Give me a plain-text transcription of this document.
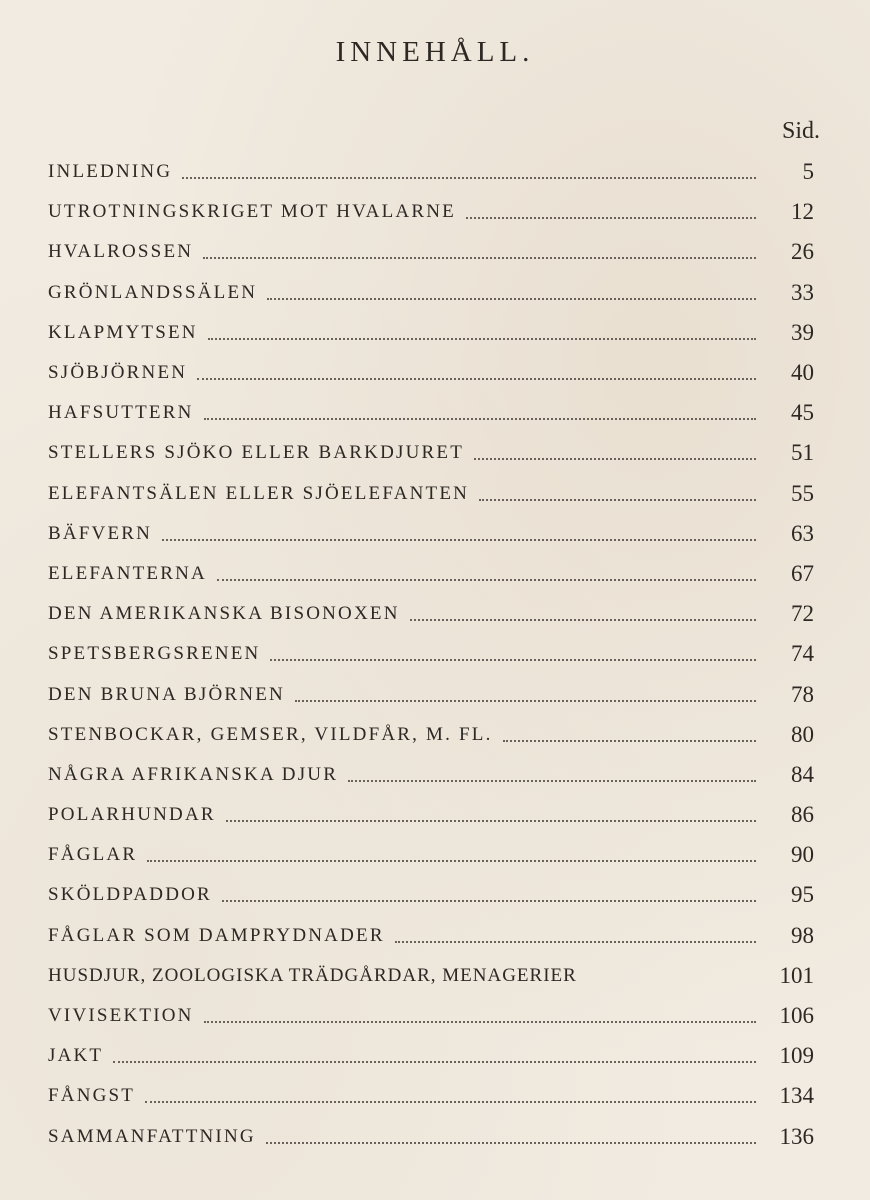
INNEHÅLL.
Sid.
INLEDNING	5
UTROTNINGSKRIGET MOT HVALARNE	12
HVALROSSEN	26
GRÖNLANDSSÄLEN	33
KLAPMYTSEN	39
SJÖBJÖRNEN	40
HAFSUTTERN	45
STELLERS SJÖKO ELLER BARKDJURET	51
ELEFANTSÄLEN ELLER SJÖELEFANTEN	55
BÄFVERN	63
ELEFANTERNA	67
DEN AMERIKANSKA BISONOXEN	72
SPETSBERGSRENEN	74
DEN BRUNA BJÖRNEN	78
STENBOCKAR, GEMSER, VILDFÅR, M. FL.	80
NÅGRA AFRIKANSKA DJUR	84
POLARHUNDAR	86
FÅGLAR	90
SKÖLDPADDOR	95
FÅGLAR SOM DAMPRYDNADER	98
HUSDJUR, ZOOLOGISKA TRÄDGÅRDAR, MENAGERIER	101
VIVISEKTION	106
JAKT	109
FÅNGST	134
SAMMANFATTNING	136
